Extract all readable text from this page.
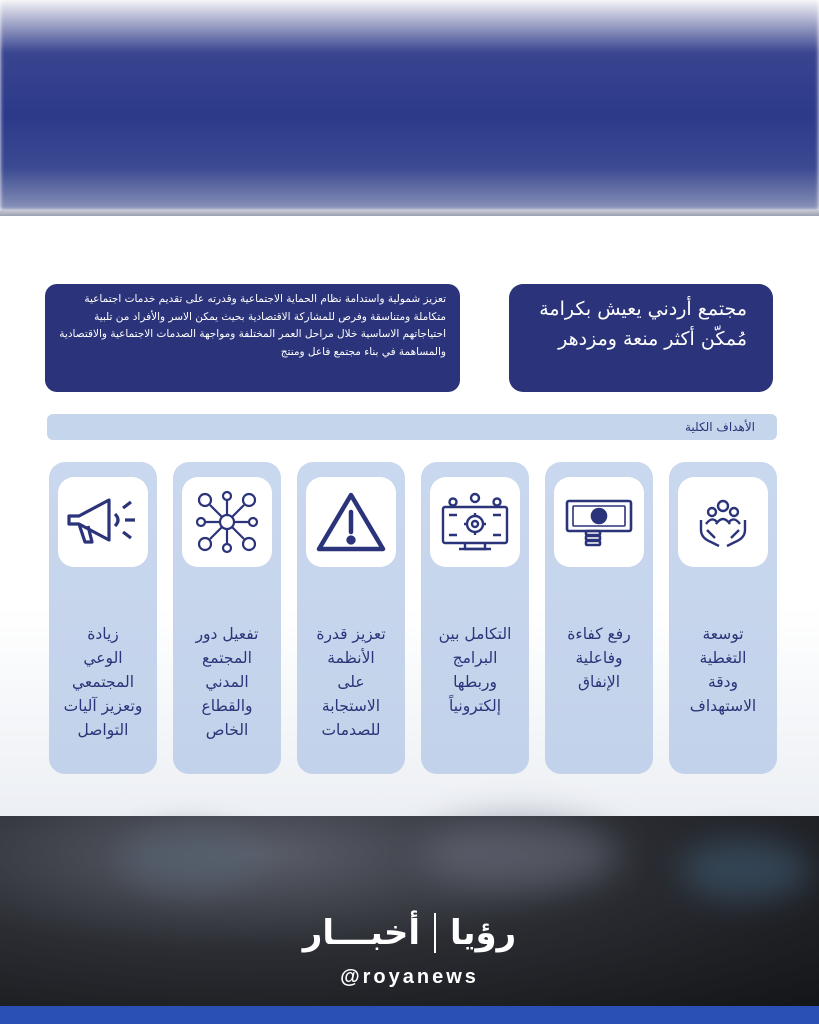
مجتمع أردني يعيش بكرامة مُمكّن أكثر منعة ومزدهر
تعزيز شمولية واستدامة نظام الحماية الاجتماعية وقدرته على تقديم خدمات اجتماعية متكاملة ومتناسقة وفرص للمشاركة الاقتصادية بحيث يمكن الاسر والأفراد من تلبية احتياجاتهم الاساسية خلال مراحل العمر المختلفة ومواجهة الصدمات الاجتماعية والاقتصادية والمساهمة في بناء مجتمع فاعل ومنتج
الأهداف الكلية
توسعة
التغطية
ودقة
الاستهداف
رفع كفاءة
وفاعلية
الإنفاق
التكامل بين
البرامج
وربطها
إلكترونياً
تعزيز قدرة
الأنظمة
على
الاستجابة
للصدمات
تفعيل دور
المجتمع
المدني
والقطاع
الخاص
زيادة
الوعي
المجتمعي
وتعزيز آليات
التواصل
رؤيا
أخبـــار
@royanews
